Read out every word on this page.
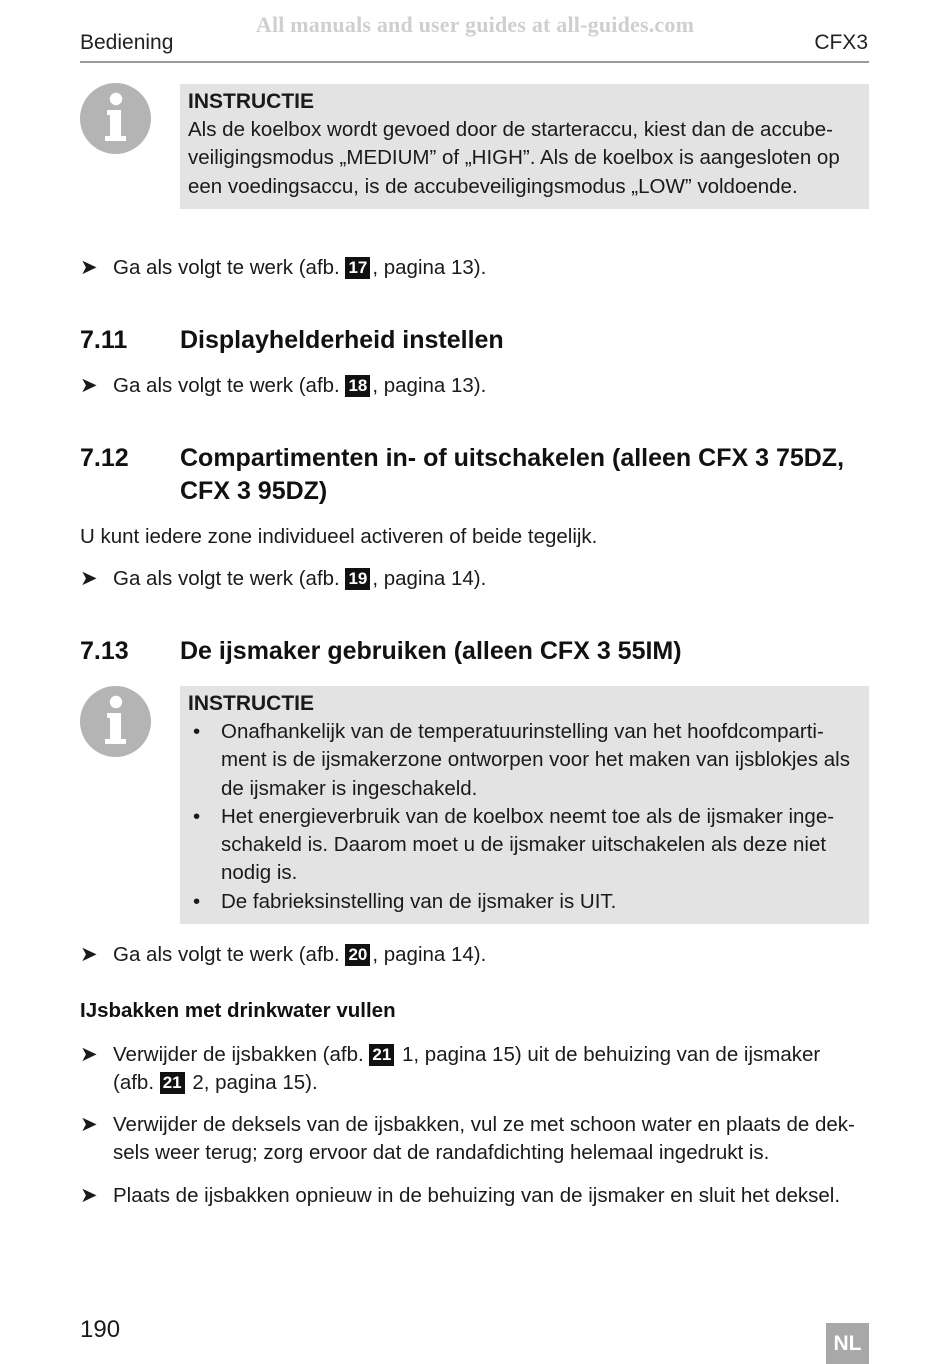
All manuals and user guides at all-guides.com
Bediening	CFX3
INSTRUCTIE

Als de koelbox wordt gevoed door de starteraccu, kiest dan de accubeveiligingsmodus „MEDIUM” of „HIGH”. Als de koelbox is aangesloten op een voedingsaccu, is de accubeveiligingsmodus „LOW” voldoende.

➤ Ga als volgt te werk (afb. 17 , pagina 13).
7.11	Displayhelderheid instellen
➤ Ga als volgt te werk (afb. 18 , pagina 13).
7.12	Compartimenten in- of uitschakelen (alleen CFX 3 75DZ, CFX 3 95DZ)
U kunt iedere zone individueel activeren of beide tegelijk.
➤ Ga als volgt te werk (afb. 19 , pagina 14).
7.13	De ijsmaker gebruiken (alleen CFX 3 55IM)
INSTRUCTIE
• Onafhankelijk van de temperatuurinstelling van het hoofdcompartiment is de ijsmakerzone ontworpen voor het maken van ijsblokjes als de ijsmaker is ingeschakeld.
• Het energieverbruik van de koelbox neemt toe als de ijsmaker ingeschakeld is. Daarom moet u de ijsmaker uitschakelen als deze niet nodig is.
• De fabrieksinstelling van de ijsmaker is UIT.
➤ Ga als volgt te werk (afb. 20 , pagina 14).
IJsbakken met drinkwater vullen
➤ Verwijder de ijsbakken (afb. 21 1, pagina 15) uit de behuizing van de ijsmaker (afb. 21 2, pagina 15).
➤ Verwijder de deksels van de ijsbakken, vul ze met schoon water en plaats de deksels weer terug; zorg ervoor dat de randafdichting helemaal ingedrukt is.
➤ Plaats de ijsbakken opnieuw in de behuizing van de ijsmaker en sluit het deksel.
190
NL
